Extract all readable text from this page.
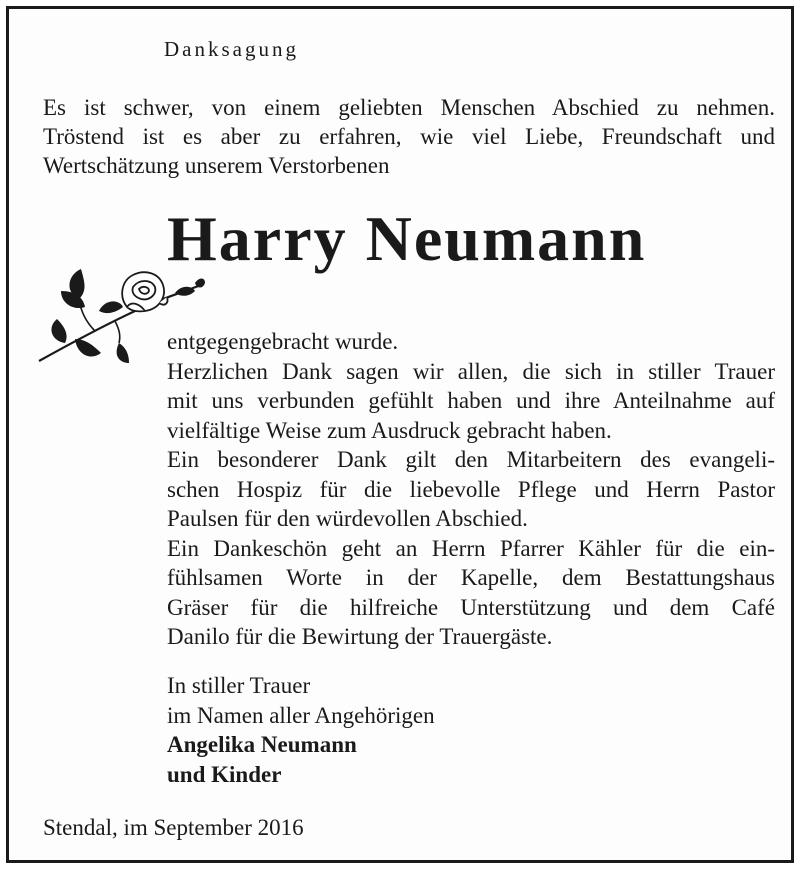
Danksagung
Es ist schwer, von einem geliebten Menschen Abschied zu nehmen.
Tröstend ist es aber zu erfahren, wie viel Liebe, Freundschaft und
Wertschätzung unserem Verstorbenen
Harry Neumann
entgegengebracht wurde.
Herzlichen Dank sagen wir allen, die sich in stiller Trauer
mit uns verbunden gefühlt haben und ihre Anteilnahme auf
vielfältige Weise zum Ausdruck gebracht haben.
Ein besonderer Dank gilt den Mitarbeitern des evangeli-
schen Hospiz für die liebevolle Pflege und Herrn Pastor
Paulsen für den würdevollen Abschied.
Ein Dankeschön geht an Herrn Pfarrer Kähler für die ein-
fühlsamen Worte in der Kapelle, dem Bestattungshaus
Gräser für die hilfreiche Unterstützung und dem Café
Danilo für die Bewirtung der Trauergäste.
In stiller Trauer
im Namen aller Angehörigen
Angelika Neumann
und Kinder
Stendal, im September 2016
